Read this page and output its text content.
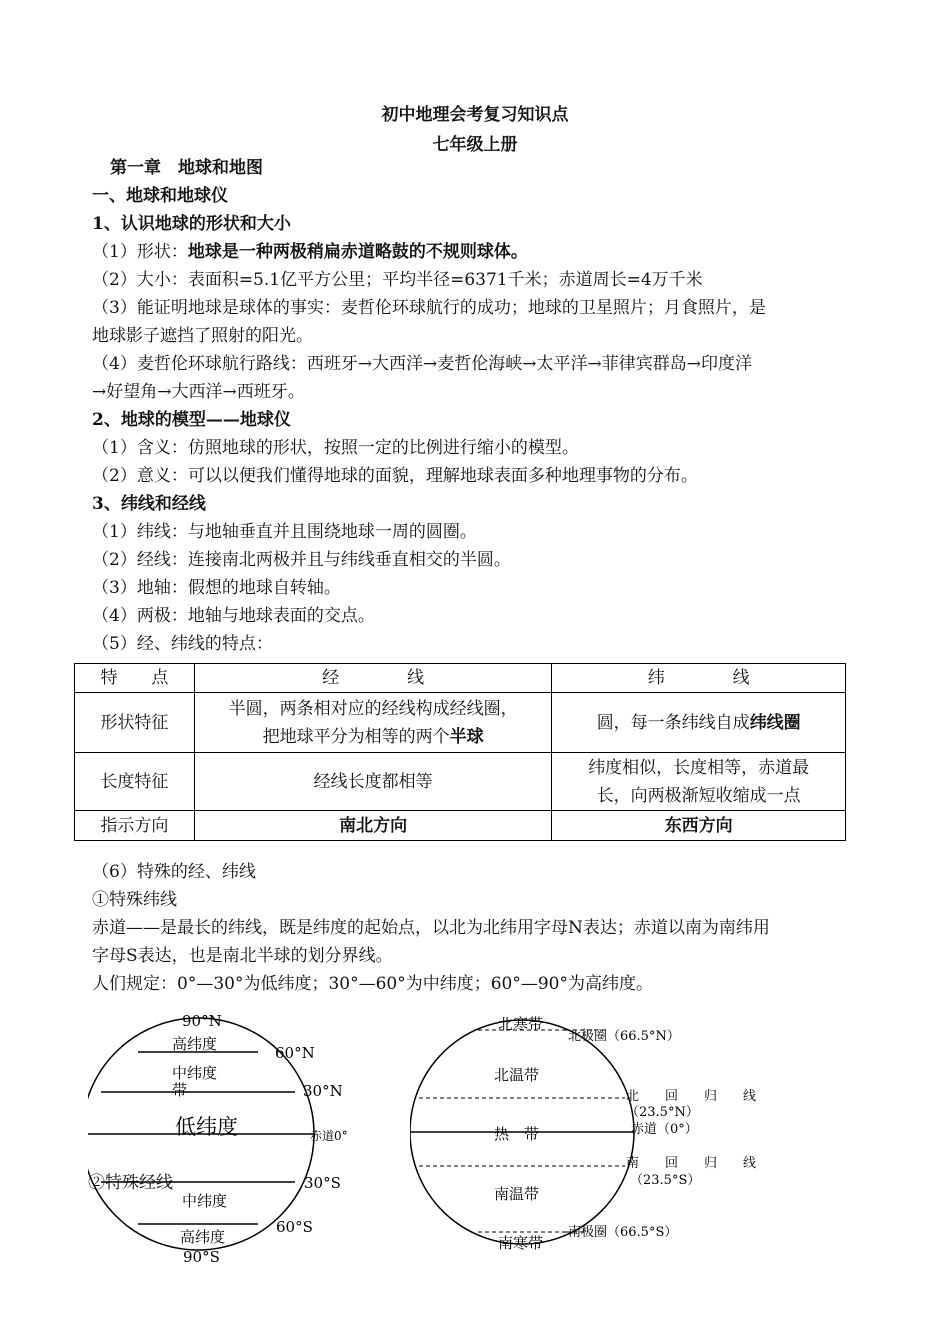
初中地理会考复习知识点
七年级上册
第一章　地球和地图
一、地球和地球仪
1、认识地球的形状和大小
（1）形状：地球是一种两极稍扁赤道略鼓的不规则球体。
（2）大小：表面积=5.1亿平方公里；平均半径=6371千米；赤道周长=4万千米
（3）能证明地球是球体的事实：麦哲伦环球航行的成功；地球的卫星照片；月食照片，是
地球影子遮挡了照射的阳光。
（4）麦哲伦环球航行路线：西班牙→大西洋→麦哲伦海峡→太平洋→菲律宾群岛→印度洋
→好望角→大西洋→西班牙。
2、地球的模型——地球仪
（1）含义：仿照地球的形状，按照一定的比例进行缩小的模型。
（2）意义：可以以便我们懂得地球的面貌，理解地球表面多种地理事物的分布。
3、纬线和经线
（1）纬线：与地轴垂直并且围绕地球一周的圆圈。
（2）经线：连接南北两极并且与纬线垂直相交的半圆。
（3）地轴：假想的地球自转轴。
（4）两极：地轴与地球表面的交点。
（5）经、纬线的特点：
特　　点	经　　　　线	纬　　　　线
形状特征	半圆，两条相对应的经线构成经线圈，
把地球平分为相等的两个半球	圆，每一条纬线自成纬线圈
长度特征	经线长度都相等	纬度相似，长度相等，赤道最
长，向两极渐短收缩成一点

指示方向	南北方向	东西方向
（6）特殊的经、纬线
①特殊纬线
赤道——是最长的纬线，既是纬度的起始点，以北为北纬用字母N表达；赤道以南为南纬用
字母S表达，也是南北半球的划分界线。
人们规定：0°—30°为低纬度；30°—60°为中纬度；60°—90°为高纬度。
90°N
高纬度	60°N
中纬度
带	30°N
低纬度	赤道0°
中纬度
30°S
高纬度
60°S
90°S
②特殊经线
北寒带
北极圈（66.5°N）
北温带
北　　回　　归　　线
（23.5°N）
热　带	赤道（0°）
南　　回　　归　　线
（23.5°S）
南温带
南极圈（66.5°S）
南寒带
